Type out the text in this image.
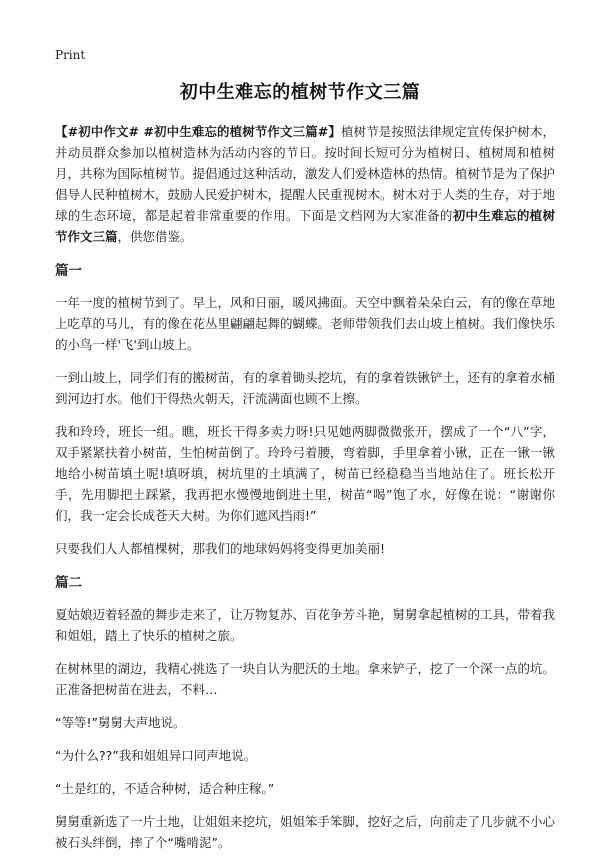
Print
初中生难忘的植树节作文三篇

【#初中作文# #初中生难忘的植树节作文三篇#】植树节是按照法律规定宣传保护树木，并动员群众参加以植树造林为活动内容的节日。按时间长短可分为植树日、植树周和植树月，共称为国际植树节。提倡通过这种活动，激发人们爱林造林的热情。植树节是为了保护倡导人民种植树木，鼓励人民爱护树木，提醒人民重视树木。树木对于人类的生存，对于地球的生态环境，都是起着非常重要的作用。下面是文档网为大家准备的初中生难忘的植树节作文三篇，供您借鉴。

篇一

一年一度的植树节到了。早上，风和日丽，暖风拂面。天空中飘着朵朵白云，有的像在草地上吃草的马儿，有的像在花丛里翩翩起舞的蝴蝶。老师带领我们去山坡上植树。我们像快乐的小鸟一样'飞'到山坡上。

一到山坡上，同学们有的搬树苗，有的拿着锄头挖坑，有的拿着铁锹铲土，还有的拿着水桶到河边打水。他们干得热火朝天，汗流满面也顾不上擦。

我和玲玲，班长一组。瞧，班长干得多卖力呀!只见她两脚微微张开，摆成了一个“八”字，双手紧紧扶着小树苗，生怕树苗倒了。玲玲弓着腰，弯着脚，手里拿着小锹，正在一锹一锹地给小树苗填土呢!填呀填，树坑里的土填满了，树苗已经稳稳当当地站住了。班长松开手，先用脚把土踩紧，我再把水慢慢地倒进土里，树苗“喝”饱了水，好像在说：“谢谢你们，我一定会长成苍天大树。为你们遮风挡雨!”

只要我们人人都植棵树，那我们的地球妈妈将变得更加美丽!

篇二

夏姑娘迈着轻盈的舞步走来了，让万物复苏、百花争芳斗艳，舅舅拿起植树的工具，带着我和姐姐，踏上了快乐的植树之旅。

在树林里的湖边，我精心挑选了一块自认为肥沃的土地。拿来铲子，挖了一个深一点的坑。正准备把树苗在进去，不料…

“等等!”舅舅大声地说。

“为什么??”我和姐姐异口同声地说。

“土是红的，不适合种树，适合种庄稼。”

舅舅重新选了一片土地，让姐姐来挖坑，姐姐笨手笨脚，挖好之后，向前走了几步就不小心被石头绊倒，摔了个“嘴啃泥”。
